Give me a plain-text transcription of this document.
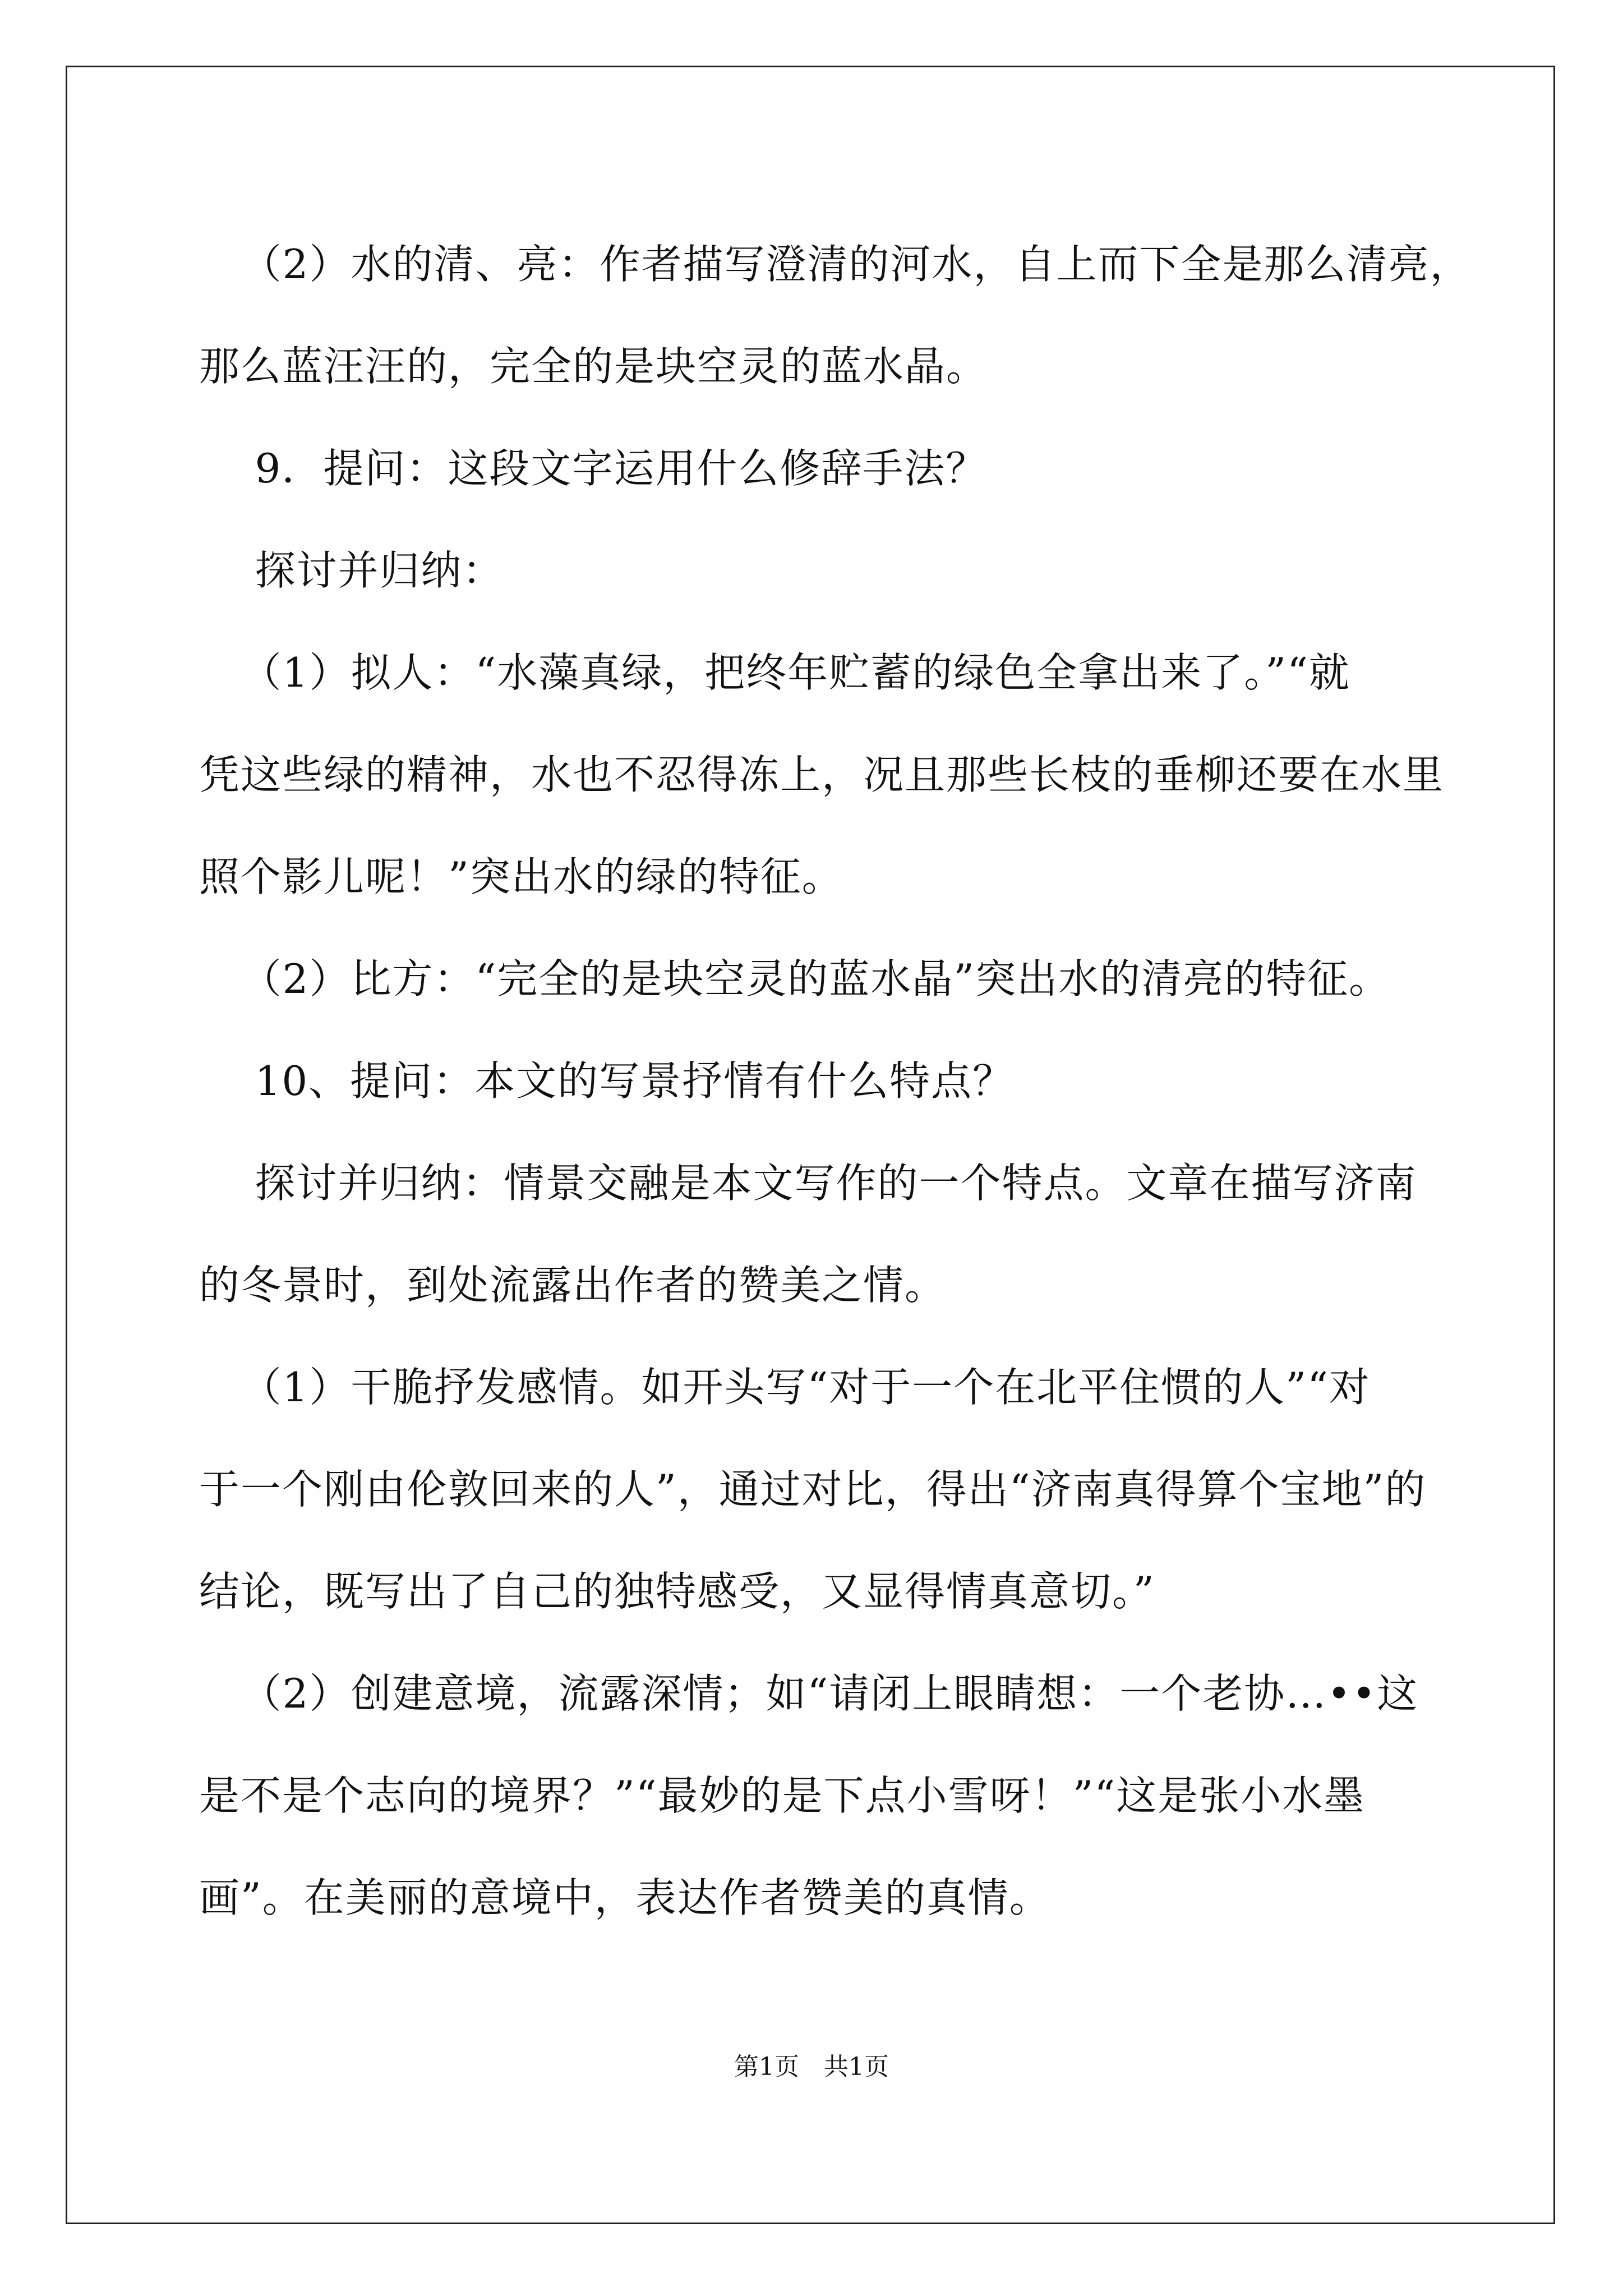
（2）水的清、亮：作者描写澄清的河水，自上而下全是那么清亮，

那么蓝汪汪的，完全的是块空灵的蓝水晶。

9．提问：这段文字运用什么修辞手法？

探讨并归纳：

（1）拟人：“水藻真绿，把终年贮蓄的绿色全拿出来了。”“就

凭这些绿的精神，水也不忍得冻上，况且那些长枝的垂柳还要在水里

照个影儿呢！”突出水的绿的特征。

（2）比方：“完全的是块空灵的蓝水晶”突出水的清亮的特征。

10、提问：本文的写景抒情有什么特点？

探讨并归纳：情景交融是本文写作的一个特点。文章在描写济南

的冬景时，到处流露出作者的赞美之情。

（1）干脆抒发感情。如开头写“对于一个在北平住惯的人”“对

于一个刚由伦敦回来的人”，通过对比，得出“济南真得算个宝地”的

结论，既写出了自己的独特感受，又显得情真意切。”

（2）创建意境，流露深情；如“请闭上眼睛想：一个老协…••这

是不是个志向的境界？”“最妙的是下点小雪呀！”“这是张小水墨

画”。在美丽的意境中，表达作者赞美的真情。

第1页　共1页
